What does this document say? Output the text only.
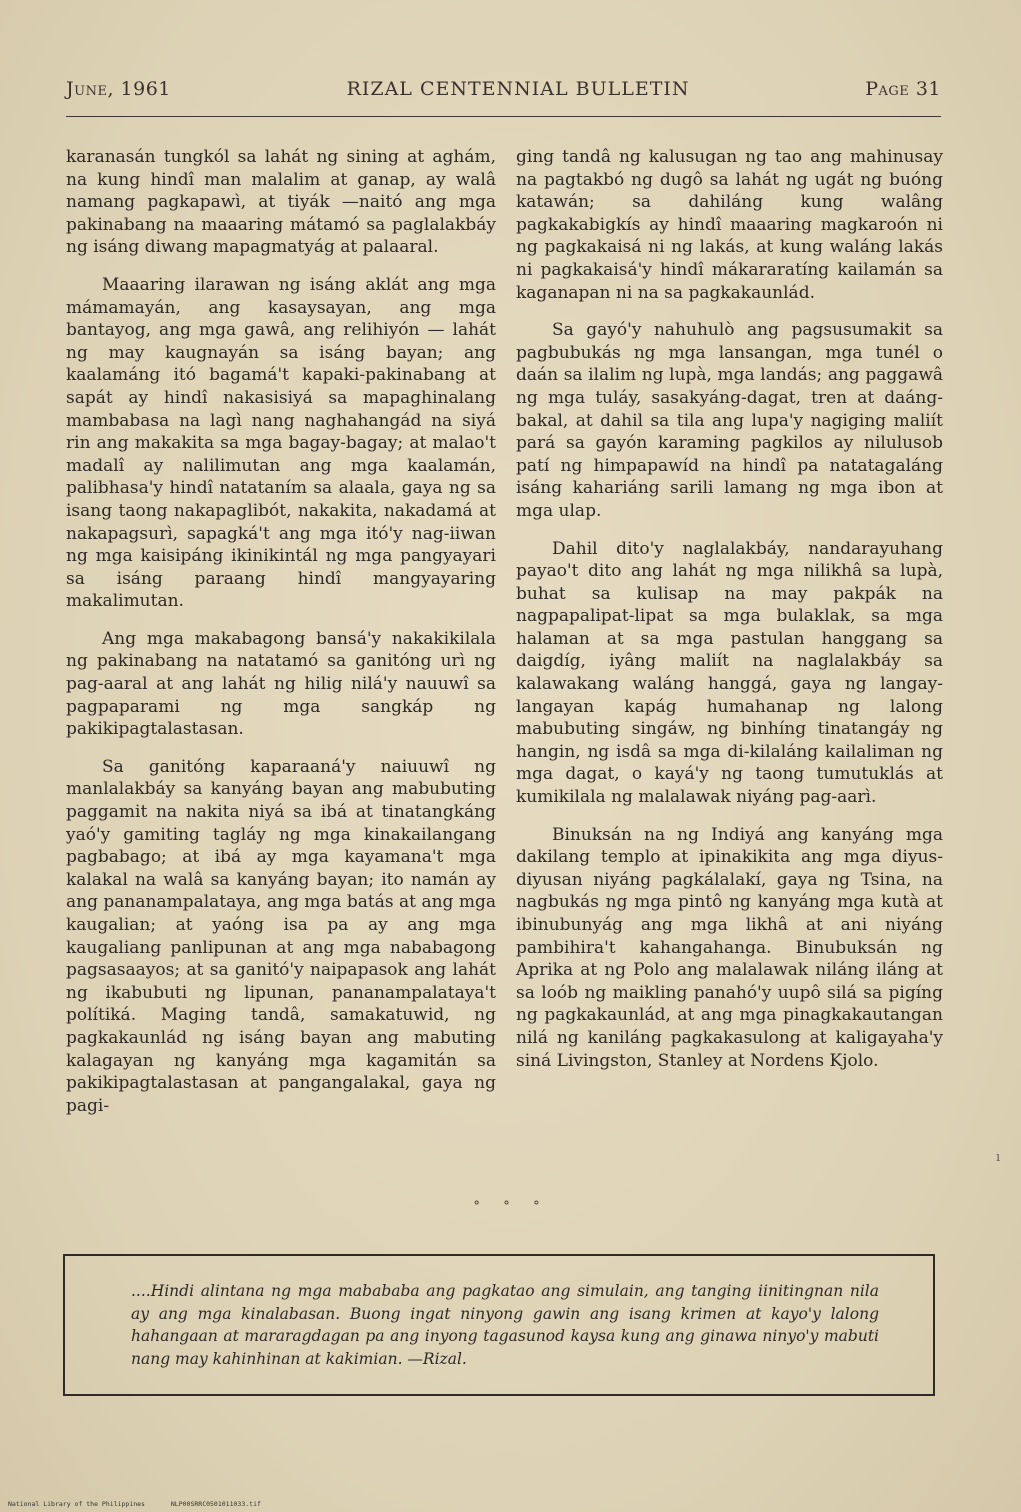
June, 1961	RIZAL CENTENNIAL BULLETIN	Page 31

karanasán tungkól sa lahát ng sining at aghám, na kung hindî man malalim at ganap, ay walâ namang pagkapawì, at tiyák —naitó ang mga pakinabang na maaaring mátamó sa paglalakbáy ng isáng diwang mapagmatyág at palaaral.

Maaaring ilarawan ng isáng aklát ang mga mámamayán, ang kasaysayan, ang mga bantayog, ang mga gawâ, ang relihiyón — lahát ng may kaugnayán sa isáng bayan; ang kaalamáng itó bagamá't kapaki-pakinabang at sapát ay hindî nakasisiyá sa mapaghinalang mambabasa na lagì nang naghahangád na siyá rin ang makakita sa mga bagay-bagay; at malao't madalî ay nalilimutan ang mga kaalamán, palibhasa'y hindî natataním sa alaala, gaya ng sa isang taong nakapaglibót, nakakita, nakadamá at nakapagsurì, sapagká't ang mga itó'y nag-iiwan ng mga kaisipáng ikinikintál ng mga pangyayari sa isáng paraang hindî mangyayaring makalimutan.

Ang mga makabagong bansá'y nakakikilala ng pakinabang na natatamó sa ganitóng urì ng pag-aaral at ang lahát ng hilig nilá'y nauuwî sa pagpaparami ng mga sangkáp ng pakikipagtalastasan.

Sa ganitóng kaparaaná'y naiuuwî ng manlalakbáy sa kanyáng bayan ang mabubuting paggamit na nakita niyá sa ibá at tinatangkáng yaó'y gamiting tagláy ng mga kinakailangang pagbabago; at ibá ay mga kayamana't mga kalakal na walâ sa kanyáng bayan; ito namán ay ang pananampalataya, ang mga batás at ang mga kaugalian; at yaóng isa pa ay ang mga kaugaliang panlipunan at ang mga nababagong pagsasaayos; at sa ganitó'y naipapasok ang lahát ng ikabubuti ng lipunan, pananampalataya't polítiká. Maging tandâ, samakatuwid, ng pagkakaunlád ng isáng bayan ang mabuting kalagayan ng kanyáng mga kagamitán sa pakikipagtalastasan at pangangalakal, gaya ng pagi-

ging tandâ ng kalusugan ng tao ang mahinusay na pagtakbó ng dugô sa lahát ng ugát ng buóng katawán; sa dahiláng kung walâng pagkakabigkís ay hindî maaaring magkaroón ni ng pagkakaisá ni ng lakás, at kung waláng lakás ni pagkakaisá'y hindî mákararatíng kailamán sa kaganapan ni na sa pagkakaunlád.

Sa gayó'y nahuhulò ang pagsusumakit sa pagbubukás ng mga lansangan, mga tunél o daán sa ilalim ng lupà, mga landás; ang paggawâ ng mga tuláy, sasakyáng-dagat, tren at daáng-bakal, at dahil sa tila ang lupa'y nagiging maliít pará sa gayón karaming pagkilos ay nilulusob patí ng himpapawíd na hindî pa natatagaláng isáng kahariáng sarili lamang ng mga ibon at mga ulap.

Dahil dito'y naglalakbáy, nandarayuhang payao't dito ang lahát ng mga nilikhâ sa lupà, buhat sa kulisap na may pakpák na nagpapalipat-lipat sa mga bulaklak, sa mga halaman at sa mga pastulan hanggang sa daigdíg, iyâng maliít na naglalakbáy sa kalawakang waláng hanggá, gaya ng langay-langayan kapág humahanap ng lalong mabubuting singáw, ng binhíng tinatangáy ng hangin, ng isdâ sa mga di-kilaláng kailaliman ng mga dagat, o kayá'y ng taong tumutuklás at kumikilala ng malalawak niyáng pag-aarì.

Binuksán na ng Indiyá ang kanyáng mga dakilang templo at ipinakikita ang mga diyus-diyusan niyáng pagkálalakí, gaya ng Tsina, na nagbukás ng mga pintô ng kanyáng mga kutà at ibinubunyág ang mga likhâ at ani niyáng pambihira't kahangahanga. Binubuksán ng Aprika at ng Polo ang malalawak niláng iláng at sa loób ng maikling panahó'y uupô silá sa pigíng ng pagkakaunlád, at ang mga pinagkakautangan nilá ng kaniláng pagkakasulong at kaligayaha'y siná Livingston, Stanley at Nordens Kjolo.

⚬ ⚬ ⚬
....Hindi alintana ng mga mabababa ang pagkatao ang simulain, ang tanging iinitingnan nila ay ang mga kinalabasan. Buong ingat ninyong gawin ang isang krimen at kayo'y lalong hahangaan at mararagdagan pa ang inyong tagasunod kaysa kung ang ginawa ninyo'y mabuti nang may kahinhinan at kakimian. —Rizal.
ı
National Library of the Philippines	NLP00SRRC0501011033.tif
